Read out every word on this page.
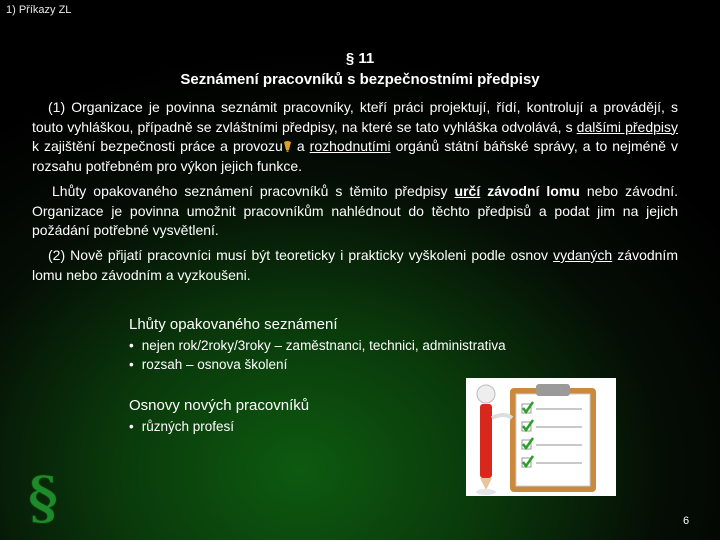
1) Příkazy ZL
§ 11
Seznámení pracovníků s bezpečnostními předpisy
(1) Organizace je povinna seznámit pracovníky, kteří práci projektují, řídí, kontrolují a provádějí, s touto vyhláškou, případně se zvláštními předpisy, na které se tato vyhláška odvolává, s dalšími předpisy k zajištění bezpečnosti práce a provozu a rozhodnutími orgánů státní báňské správy, a to nejméně v rozsahu potřebném pro výkon jejich funkce.
Lhůty opakovaného seznámení pracovníků s těmito předpisy určí závodní lomu nebo závodní. Organizace je povinna umožnit pracovníkům nahlédnout do těchto předpisů a podat jim na jejich požádání potřebné vysvětlení.
(2) Nově přijatí pracovníci musí být teoreticky i prakticky vyškoleni podle osnov vydaných závodním lomu nebo závodním a vyzkoušeni.
Lhůty opakovaného seznámení
• nejen rok/2roky/3roky – zaměstnanci, technici, administrativa
• rozsah – osnova školení
Osnovy nových pracovníků
• různých profesí
§	6
